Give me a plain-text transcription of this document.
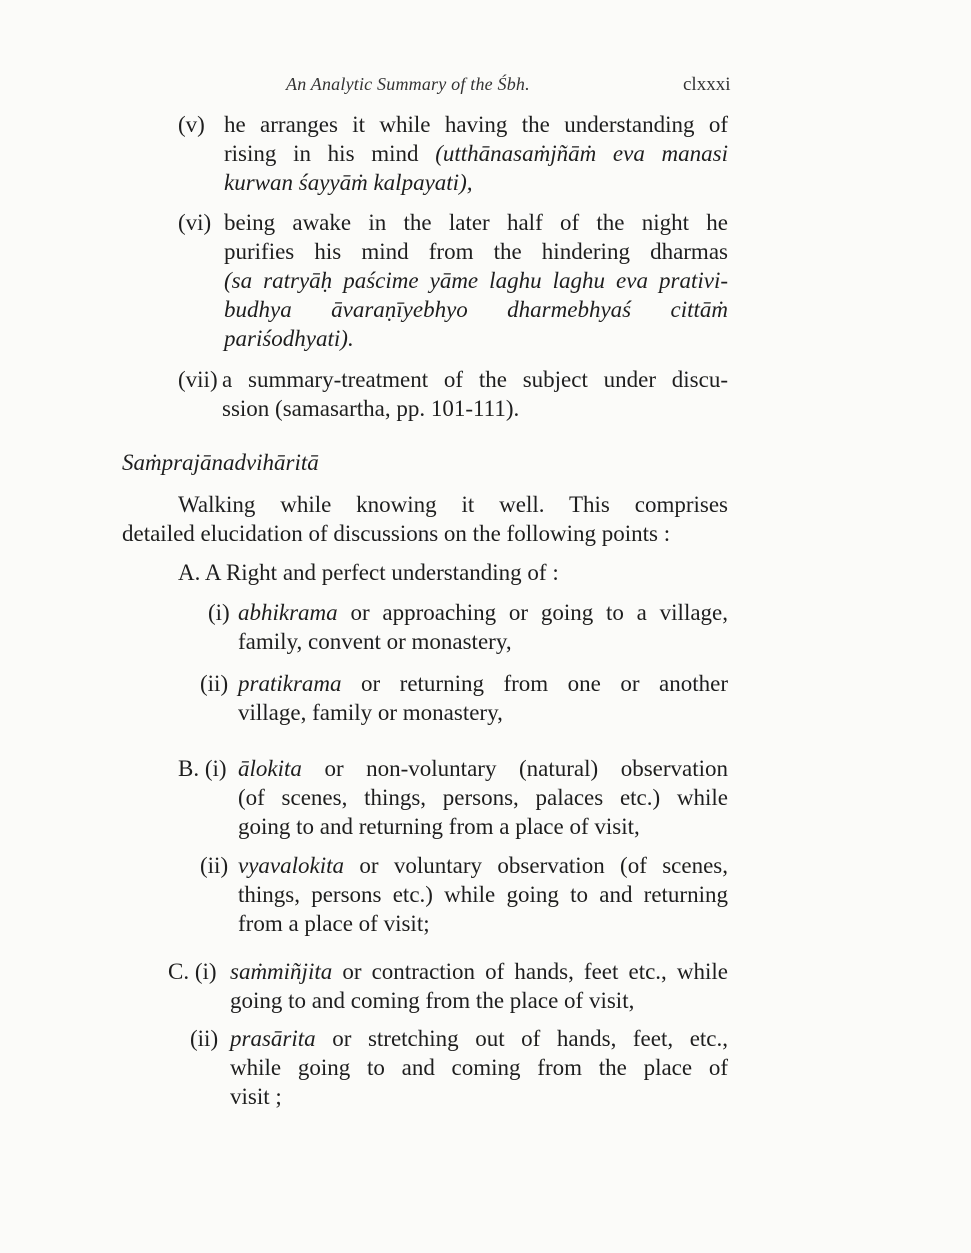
An Analytic Summary of the Śbh.	clxxxi
(v) he arranges it while having the understanding of
rising in his mind (utthānasaṁjñāṁ eva manasi
kurwan śayyāṁ kalpayati),
(vi) being awake in the later half of the night he
purifies his mind from the hindering dharmas
(sa ratryāḥ paścime yāme laghu laghu eva prativi-
budhya āvaraṇīyebhyo dharmebhyaś cittāṁ
pariśodhyati).
(vii) a summary-treatment of the subject under discu-
ssion (samasartha, pp. 101-111).
Saṁprajānadvihāritā
Walking while knowing it well. This comprises
detailed elucidation of discussions on the following points :
A. A Right and perfect understanding of :
(i) abhikrama or approaching or going to a village,
family, convent or monastery,
(ii) pratikrama or returning from one or another
village, family or monastery,
B. (i) ālokita or non-voluntary (natural) observation
(of scenes, things, persons, palaces etc.) while
going to and returning from a place of visit,
(ii) vyavalokita or voluntary observation (of scenes,
things, persons etc.) while going to and returning
from a place of visit;
C. (i) saṁmiñjita or contraction of hands, feet etc., while
going to and coming from the place of visit,
(ii) prasārita or stretching out of hands, feet, etc.,
while going to and coming from the place of
visit ;
